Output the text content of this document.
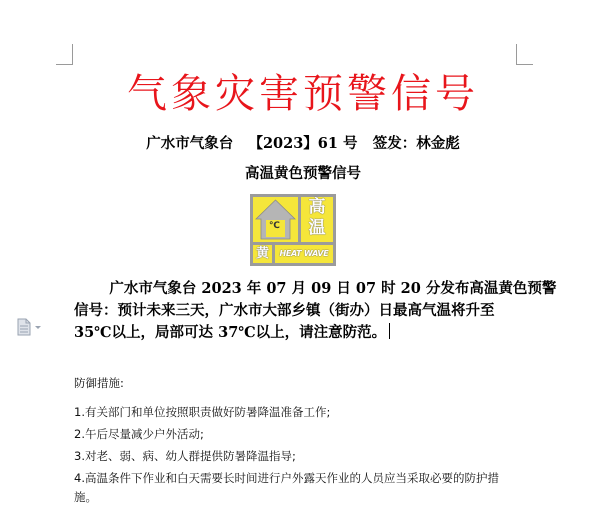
气象灾害预警信号
广水市气象台 【2023】61 号 签发：林金彪
高温黄色预警信号
℃
高
温
黄	HEAT WAVE

广水市气象台 2023 年 07 月 09 日 07 时 20 分发布高温黄色预警

信号：预计未来三天，广水市大部乡镇（街办）日最高气温将升至

35℃以上，局部可达 37℃以上，请注意防范。

防御措施:

1.有关部门和单位按照职责做好防暑降温准备工作;

2.午后尽量减少户外活动;

3.对老、弱、病、幼人群提供防暑降温指导;

4.高温条件下作业和白天需要长时间进行户外露天作业的人员应当采取必要的防护措

施。
